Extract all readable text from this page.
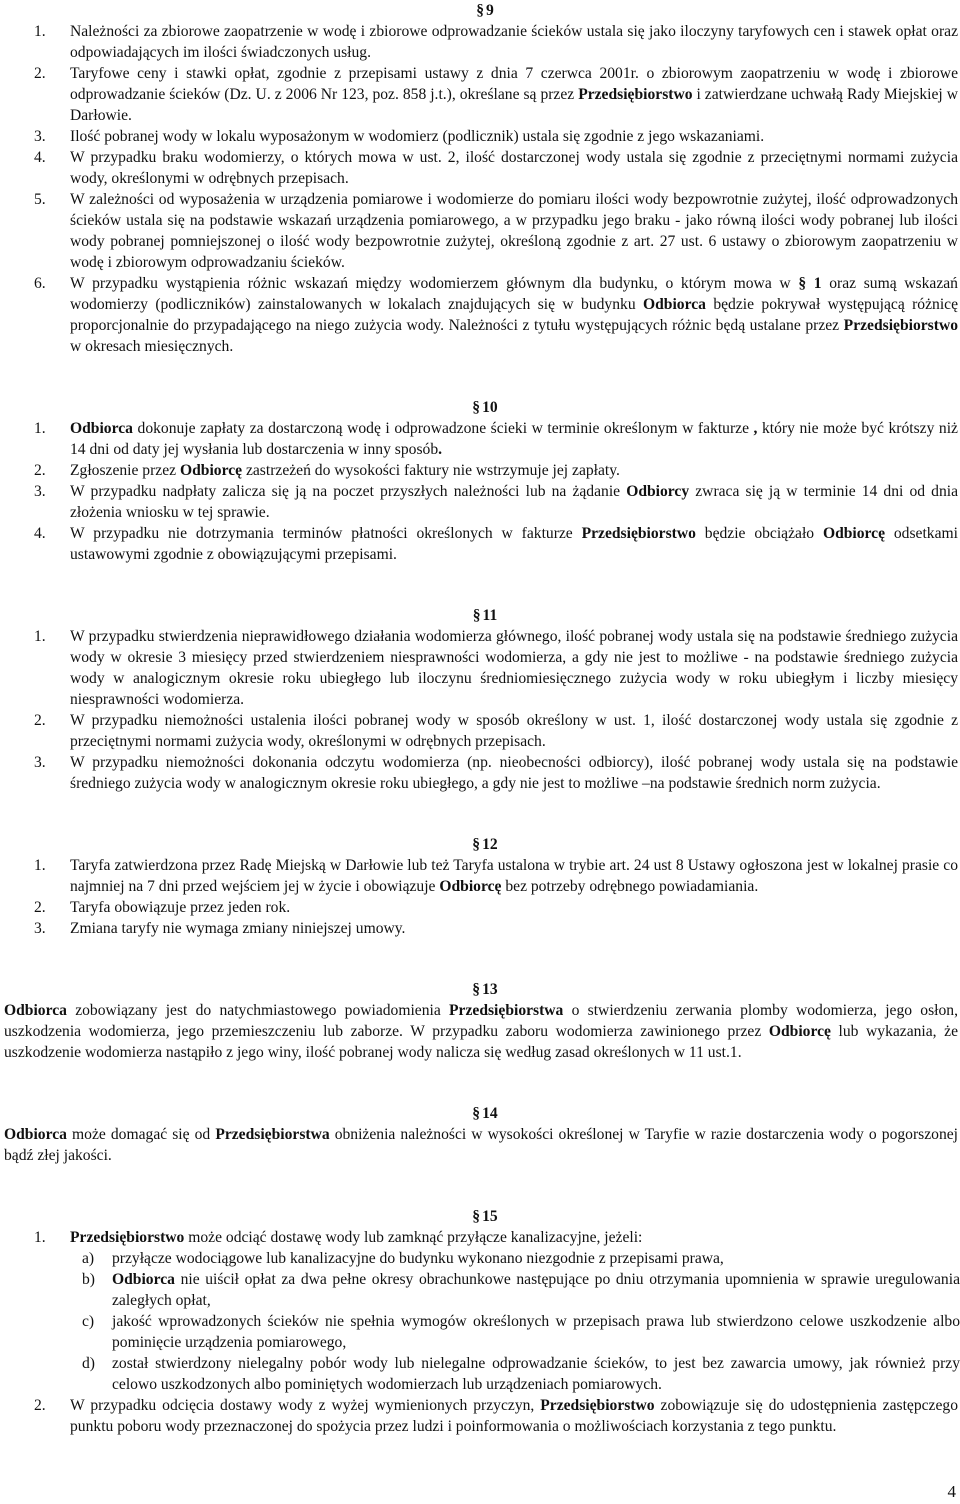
§ 9
1. Należności za zbiorowe zaopatrzenie w wodę i zbiorowe odprowadzanie ścieków ustala się jako iloczyny taryfowych cen i stawek opłat oraz odpowiadających im ilości świadczonych usług.
2. Taryfowe ceny i stawki opłat, zgodnie z przepisami ustawy z dnia 7 czerwca 2001r. o zbiorowym zaopatrzeniu w wodę i zbiorowe odprowadzanie ścieków (Dz. U. z 2006 Nr 123, poz. 858 j.t.), określane są przez Przedsiębiorstwo i zatwierdzane uchwałą Rady Miejskiej w Darłowie.
3. Ilość pobranej wody w lokalu wyposażonym w wodomierz (podlicznik) ustala się zgodnie z jego wskazaniami.
4. W przypadku braku wodomierzy, o których mowa w ust. 2, ilość dostarczonej wody ustala się zgodnie z przeciętnymi normami zużycia wody, określonymi w odrębnych przepisach.
5. W zależności od wyposażenia w urządzenia pomiarowe i wodomierze do pomiaru ilości wody bezpowrotnie zużytej, ilość odprowadzonych ścieków ustala się na podstawie wskazań urządzenia pomiarowego, a w przypadku jego braku - jako równą ilości wody pobranej lub ilości wody pobranej pomniejszonej o ilość wody bezpowrotnie zużytej, określoną zgodnie z art. 27 ust. 6 ustawy o zbiorowym zaopatrzeniu w wodę i zbiorowym odprowadzaniu ścieków.
6. W przypadku wystąpienia różnic wskazań między wodomierzem głównym dla budynku, o którym mowa w § 1 oraz sumą wskazań wodomierzy (podliczników) zainstalowanych w lokalach znajdujących się w budynku Odbiorca będzie pokrywał występującą różnicę proporcjonalnie do przypadającego na niego zużycia wody. Należności z tytułu występujących różnic będą ustalane przez Przedsiębiorstwo w okresach miesięcznych.
§ 10
1. Odbiorca dokonuje zapłaty za dostarczoną wodę i odprowadzone ścieki w terminie określonym w fakturze , który nie może być krótszy niż 14 dni od daty jej wysłania lub dostarczenia w inny sposób.
2. Zgłoszenie przez Odbiorcę zastrzeżeń do wysokości faktury nie wstrzymuje jej zapłaty.
3. W przypadku nadpłaty zalicza się ją na poczet przyszłych należności lub na żądanie Odbiorcy zwraca się ją w terminie 14 dni od dnia złożenia wniosku w tej sprawie.
4. W przypadku nie dotrzymania terminów płatności określonych w fakturze Przedsiębiorstwo będzie obciążało Odbiorcę odsetkami ustawowymi zgodnie z obowiązującymi przepisami.
§ 11
1. W przypadku stwierdzenia nieprawidłowego działania wodomierza głównego, ilość pobranej wody ustala się na podstawie średniego zużycia wody w okresie 3 miesięcy przed stwierdzeniem niesprawności wodomierza, a gdy nie jest to możliwe - na podstawie średniego zużycia wody w analogicznym okresie roku ubiegłego lub iloczynu średniomiesięcznego zużycia wody w roku ubiegłym i liczby miesięcy niesprawności wodomierza.
2. W przypadku niemożności ustalenia ilości pobranej wody w sposób określony w ust. 1, ilość dostarczonej wody ustala się zgodnie z przeciętnymi normami zużycia wody, określonymi w odrębnych przepisach.
3. W przypadku niemożności dokonania odczytu wodomierza (np. nieobecności odbiorcy), ilość pobranej wody ustala się na podstawie średniego zużycia wody w analogicznym okresie roku ubiegłego, a gdy nie jest to możliwe –na podstawie średnich norm zużycia.
§ 12
1. Taryfa zatwierdzona przez Radę Miejską w Darłowie lub też Taryfa ustalona w trybie art. 24 ust 8 Ustawy ogłoszona jest w lokalnej prasie co najmniej na 7 dni przed wejściem jej w życie i obowiązuje Odbiorcę bez potrzeby odrębnego powiadamiania.
2. Taryfa obowiązuje przez jeden rok.
3. Zmiana taryfy nie wymaga zmiany niniejszej umowy.
§ 13

Odbiorca zobowiązany jest do natychmiastowego powiadomienia Przedsiębiorstwa o stwierdzeniu zerwania plomby wodomierza, jego osłon, uszkodzenia wodomierza, jego przemieszczeniu lub zaborze. W przypadku zaboru wodomierza zawinionego przez Odbiorcę lub wykazania, że uszkodzenie wodomierza nastąpiło z jego winy, ilość pobranej wody nalicza się według zasad określonych w 11 ust.1.

§ 14

Odbiorca może domagać się od Przedsiębiorstwa obniżenia należności w wysokości określonej w Taryfie w razie dostarczenia wody o pogorszonej bądź złej jakości.

§ 15
1. Przedsiębiorstwo może odciąć dostawę wody lub zamknąć przyłącze kanalizacyjne, jeżeli:
a) przyłącze wodociągowe lub kanalizacyjne do budynku wykonano niezgodnie z przepisami prawa,
b) Odbiorca nie uiścił opłat za dwa pełne okresy obrachunkowe następujące po dniu otrzymania upomnienia w sprawie uregulowania zaległych opłat,
c) jakość wprowadzonych ścieków nie spełnia wymogów określonych w przepisach prawa lub stwierdzono celowe uszkodzenie albo pominięcie urządzenia pomiarowego,
d) został stwierdzony nielegalny pobór wody lub nielegalne odprowadzanie ścieków, to jest bez zawarcia umowy, jak również przy celowo uszkodzonych albo pominiętych wodomierzach lub urządzeniach pomiarowych.
2. W przypadku odcięcia dostawy wody z wyżej wymienionych przyczyn, Przedsiębiorstwo zobowiązuje się do udostępnienia zastępczego punktu poboru wody przeznaczonej do spożycia przez ludzi i poinformowania o możliwościach korzystania z tego punktu.
4
